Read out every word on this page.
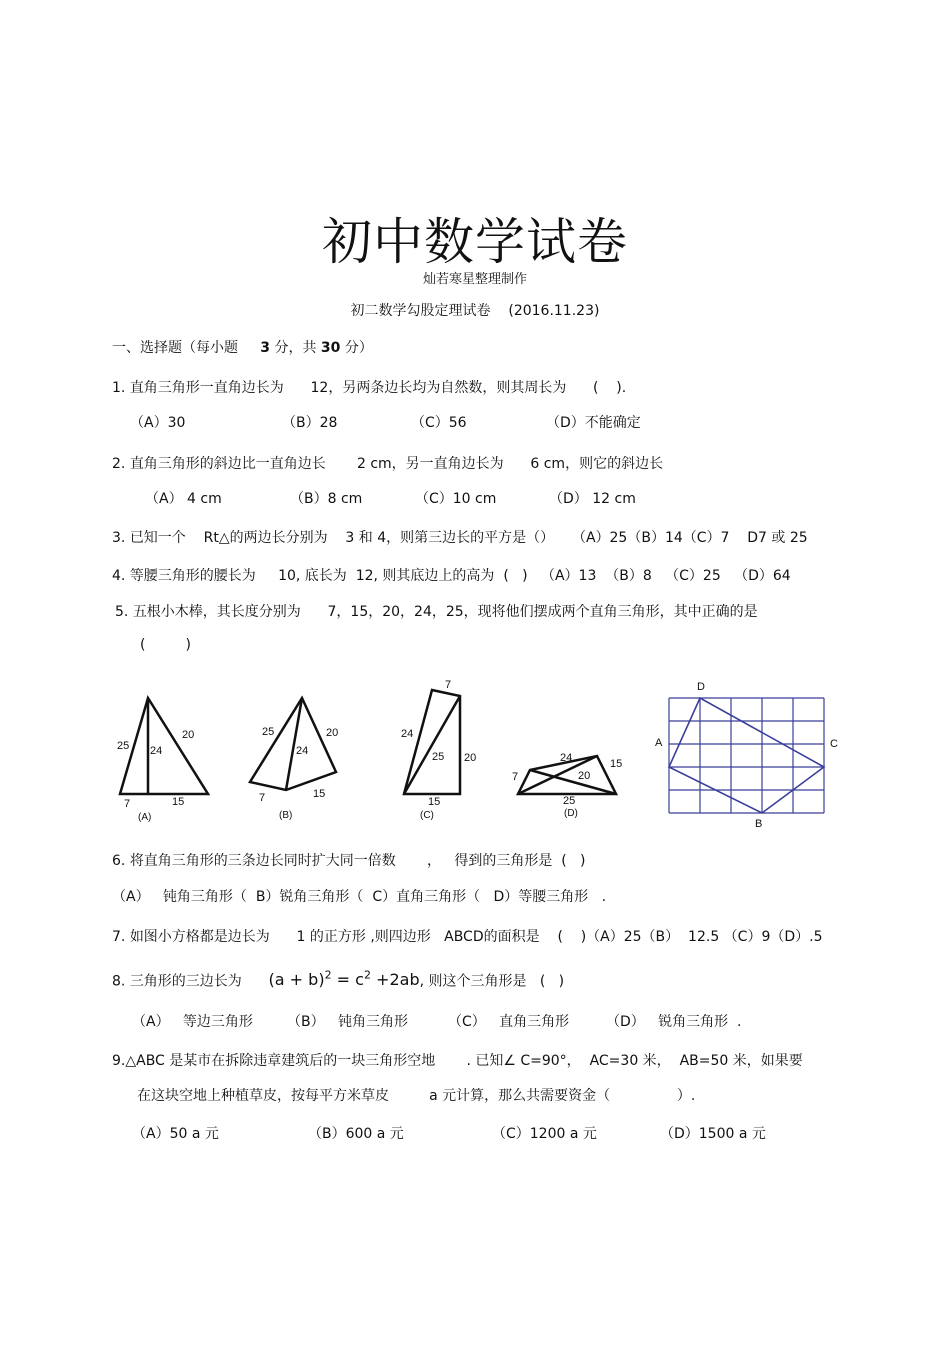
初中数学试卷
灿若寒星整理制作
初二数学勾股定理试卷 (2016.11.23)
一、选择题（每小题 3 分，共 30 分）
1. 直角三角形一直角边长为 12，另两条边长均为自然数，则其周长为 (    ).
（A）30	（B）28	（C）56	（D）不能确定
2. 直角三角形的斜边比一直角边长 2 cm，另一直角边长为 6 cm，则它的斜边长
（A） 4 cm	（B）8 cm	（C）10 cm	（D） 12 cm
3. 已知一个 Rt△的两边长分别为 3 和 4，则第三边长的平方是（） （A）25（B）14（C）7 D7 或 25
4. 等腰三角形的腰长为 10, 底长为  12, 则其底边上的高为 (   ) （A）13 （B）8 （C）25 （D）64
5. 五根小木棒，其长度分别为 7，15，20，24，25，现将他们摆成两个直角三角形，其中正确的是
(         )
25 24
20
7	15
(A)
25	20
24
7	15
(B)
7
24
25 20
15
(C)
24	15
7	20
25
(D)
D
A	C
B
6. 将直角三角形的三条边长同时扩大同一倍数 ，   得到的三角形是  (   )
（A）   钝角三角形（  B）锐角三角形（  C）直角三角形（   D）等腰三角形   .
7. 如图小方格都是边长为 1 的正方形 ,则四边形   ABCD的面积是 (    )（A）25（B）  12.5 （C）9（D）.5
8. 三角形的三边长为 $(a + b)^2 = c^2 +2ab$, 则这个三角形是   (   )
（A）   等边三角形 （B）   钝角三角形	（C）   直角三角形	（D）   锐角三角形  .
9.△ABC 是某市在拆除违章建筑后的一块三角形空地 . 已知∠ C=90°，  AC=30 米，  AB=50 米，如果要
在这块空地上种植草皮，按每平方米草皮	a 元计算，那么共需要资金（               ）.
（A）50 a 元	（B）600 a 元	（C）1200 a 元	（D）1500 a 元
